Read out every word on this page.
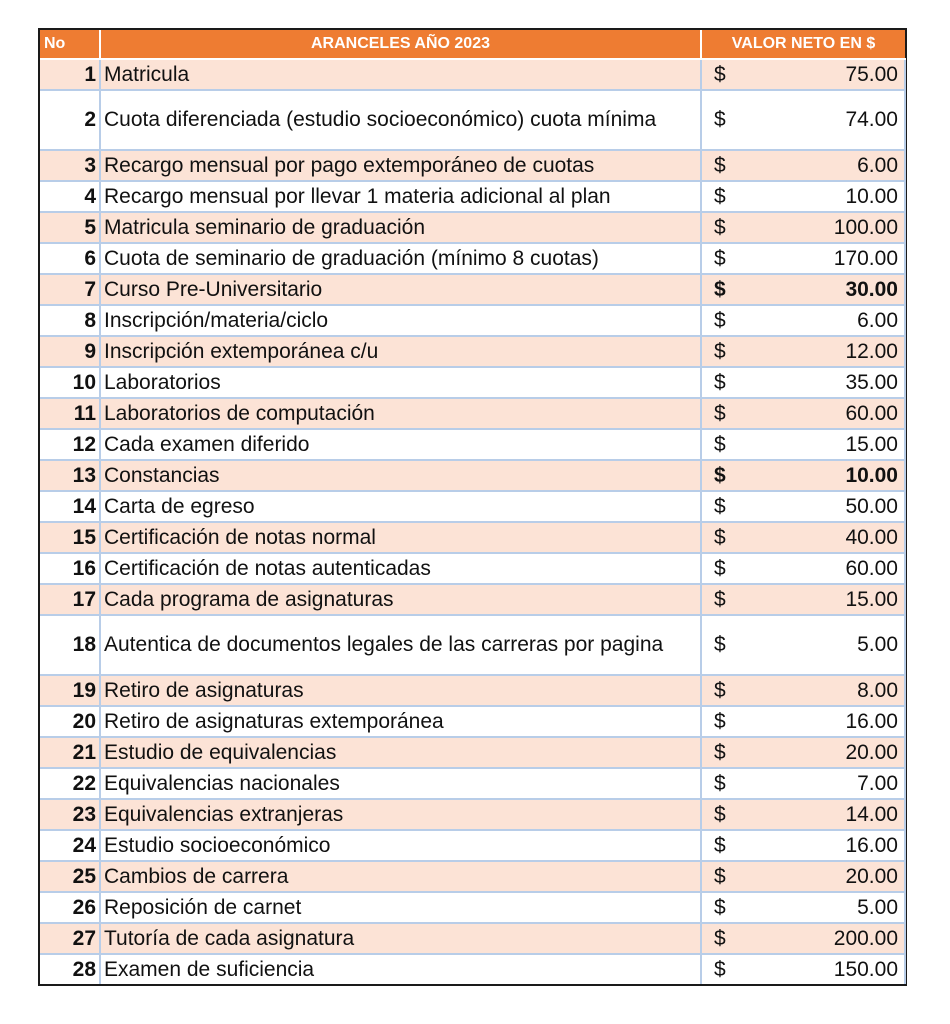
No	ARANCELES AÑO 2023	VALOR NETO EN $	
1	Matricula	$	75.00
2	Cuota diferenciada (estudio socioeconómico) cuota mínima	$	74.00
3	Recargo mensual por pago extemporáneo de cuotas	$	6.00
4	Recargo mensual por llevar 1 materia adicional al plan	$	10.00
5	Matricula seminario de graduación	$	100.00
6	Cuota de seminario de graduación (mínimo 8 cuotas)	$	170.00
7	Curso Pre-Universitario	$	30.00
8	Inscripción/materia/ciclo	$	6.00
9	Inscripción extemporánea c/u	$	12.00
10	Laboratorios	$	35.00
11	Laboratorios de computación	$	60.00
12	Cada examen diferido	$	15.00
13	Constancias	$	10.00
14	Carta de egreso	$	50.00
15	Certificación de notas normal	$	40.00
16	Certificación de notas autenticadas	$	60.00
17	Cada programa de asignaturas	$	15.00
18	Autentica de documentos legales de las carreras por pagina	$	5.00
19	Retiro de asignaturas	$	8.00
20	Retiro de asignaturas extemporánea	$	16.00
21	Estudio de equivalencias	$	20.00
22	Equivalencias nacionales	$	7.00
23	Equivalencias extranjeras	$	14.00
24	Estudio socioeconómico	$	16.00
25	Cambios de carrera	$	20.00
26	Reposición de carnet	$	5.00
27	Tutoría de cada asignatura	$	200.00
28	Examen de suficiencia	$	150.00
